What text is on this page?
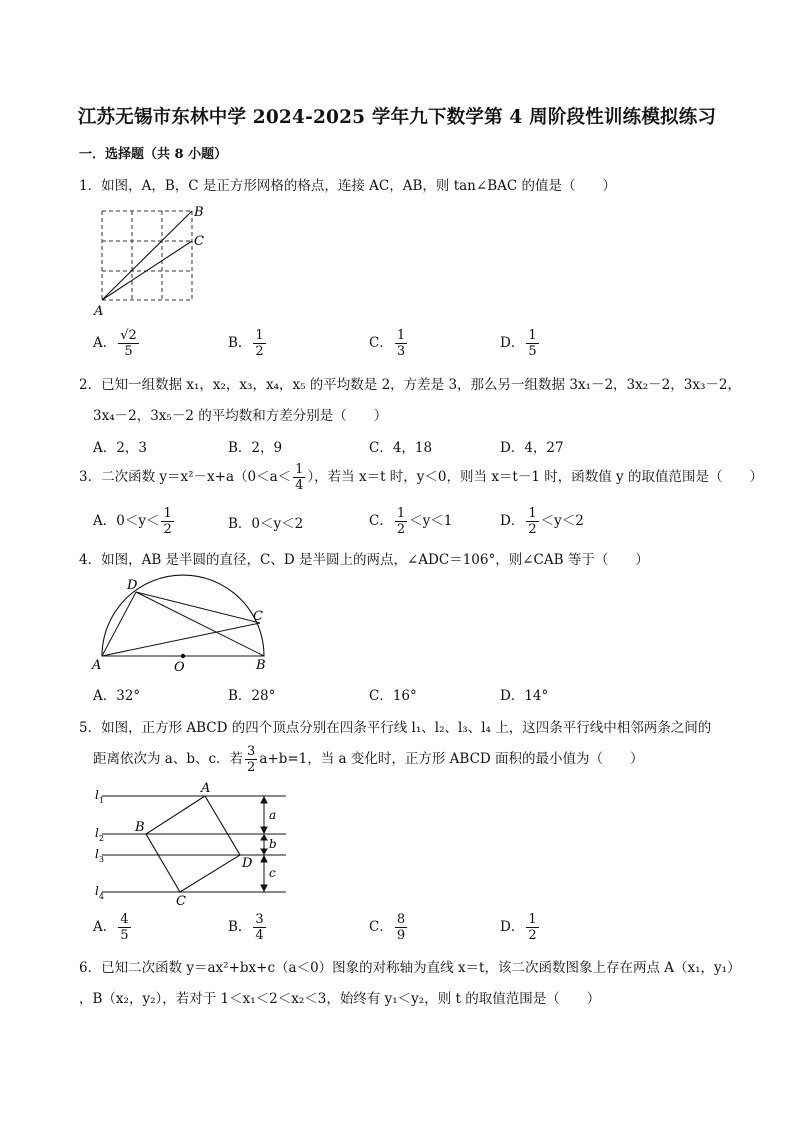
江苏无锡市东林中学 2024-2025 学年九下数学第 4 周阶段性训练模拟练习
一．选择题（共 8 小题）
1．如图，A，B，C 是正方形网格的格点，连接 AC，AB，则 tan∠BAC 的值是（　　）
B
C
A
A． $\frac{√2}{5}$	B． $\frac{1}{2}$	C． $\frac{1}{3}$	D． $\frac{1}{5}$
2．已知一组数据 x₁，x₂，x₃，x₄，x₅ 的平均数是 2，方差是 3，那么另一组数据 3x₁－2，3x₂－2，3x₃－2，
3x₄－2，3x₅－2 的平均数和方差分别是（　　）
A．2，3	B．2，9	C．4，18	D．4，27
3．二次函数 $y=x^2-x+a(0<a< \frac{1}{4}$ ），若当 x＝t 时，y＜0，则当 x＝t－1 时，函数值 y 的取值范围是（　　）
A．$0<y< \frac{1}{2}$	B．0＜y＜2	C． $\frac{1}{2} <y<1$	D． $\frac{1}{2} <y<2$
4．如图，AB 是半圆的直径，C、D 是半圆上的两点，∠ADC＝106°，则∠CAB 等于（　　）
A	B
C
D
O
A．32°	B．28°	C．16°	D．14°
5．如图，正方形 ABCD 的四个顶点分别在四条平行线 l₁、l₂、l₃、l₄ 上，这四条平行线中相邻两条之间的
距离依次为 a、b、c．若 $\frac{3}{2} a+b=1$，当 a 变化时，正方形 ABCD 面积的最小值为（　　）
$l_1$
$l_2$
$l_3$
$l_4$
A
B
D
C
a
b
c
A． $\frac{4}{5}$	B． $\frac{3}{4}$	C． $\frac{8}{9}$	D． $\frac{1}{2}$
6．已知二次函数 y＝ax²+bx+c（a＜0）图象的对称轴为直线 x＝t，该二次函数图象上存在两点 A（x₁，y₁）
，B（x₂，y₂），若对于 1＜x₁＜2＜x₂＜3，始终有 y₁＜y₂，则 t 的取值范围是（　　）
